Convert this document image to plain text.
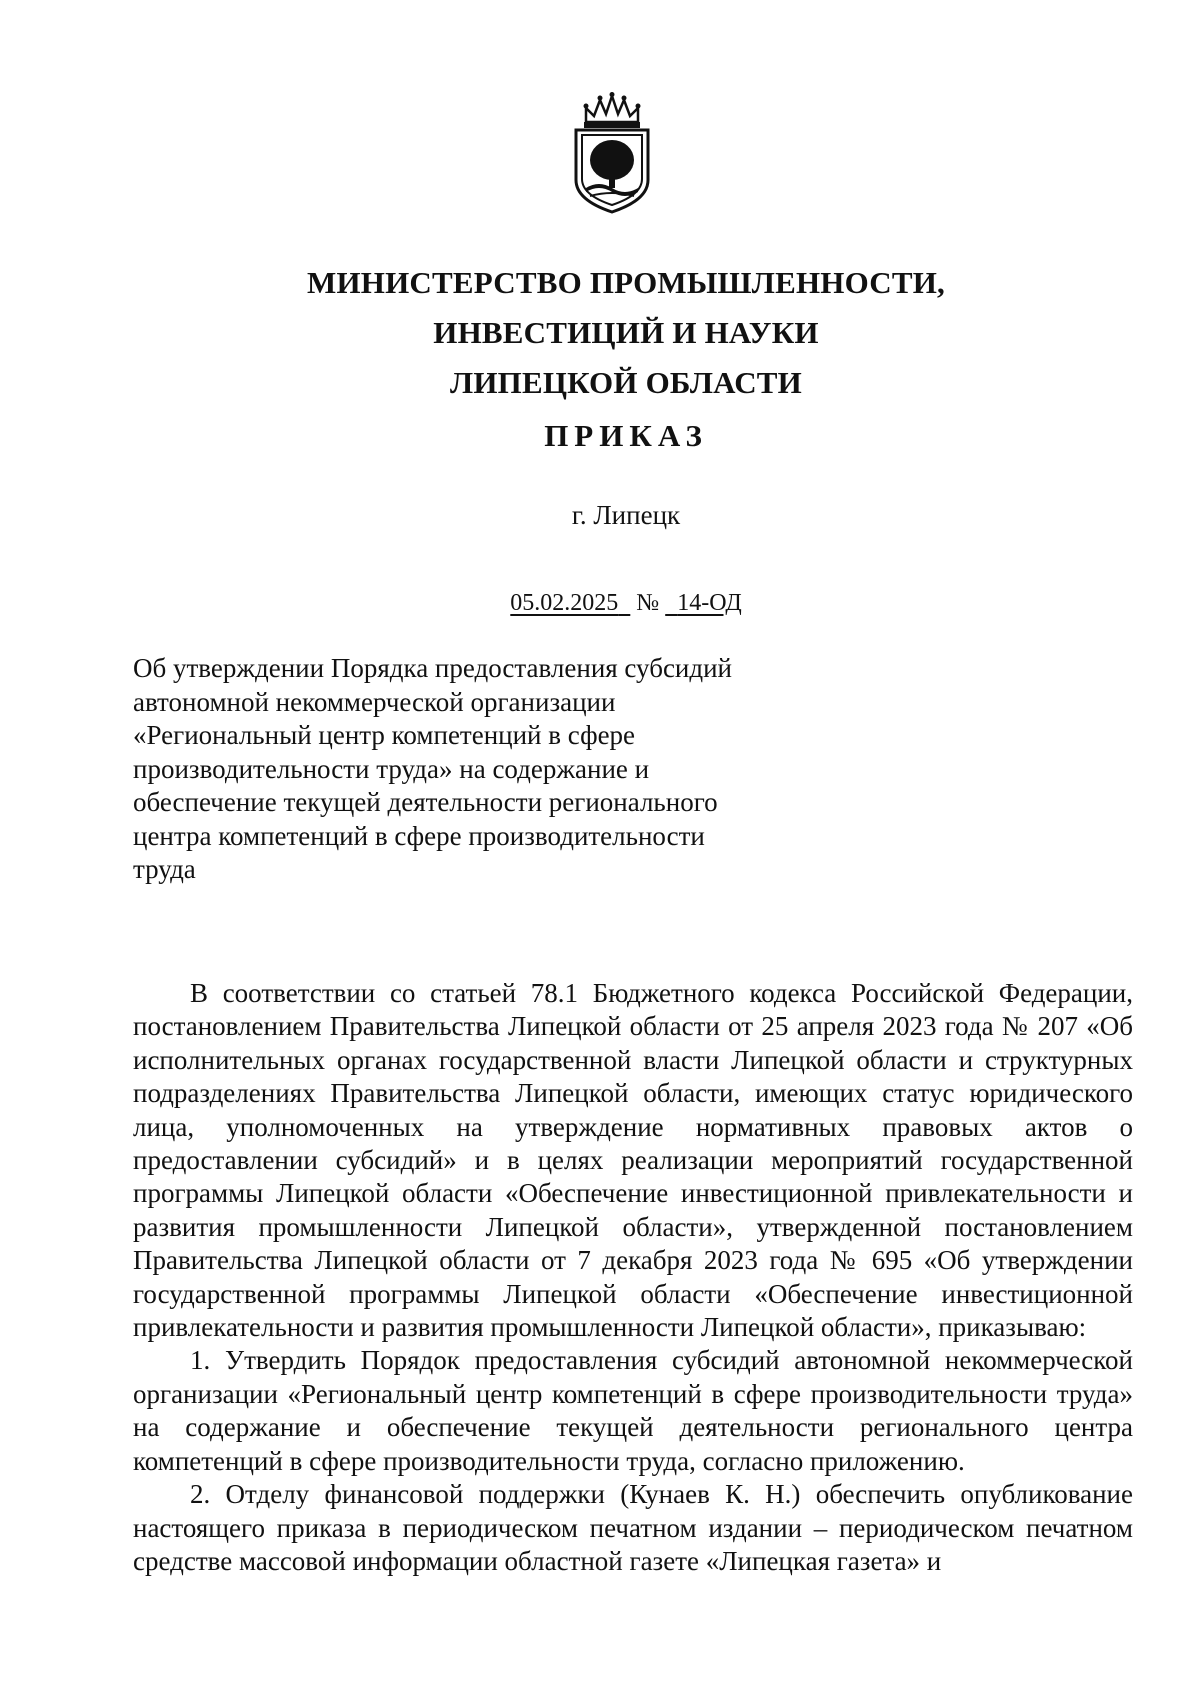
МИНИСТЕРСТВО ПРОМЫШЛЕННОСТИ,
ИНВЕСТИЦИЙ И НАУКИ
ЛИПЕЦКОЙ ОБЛАСТИ
ПРИКАЗ
г. Липецк
05.02.2025 № 14-ОД
Об утверждении Порядка предоставления субсидий
автономной некоммерческой организации
«Региональный центр компетенций в сфере
производительности труда» на содержание и
обеспечение текущей деятельности регионального
центра компетенций в сфере производительности
труда

В соответствии со статьей 78.1 Бюджетного кодекса Российской Федерации, постановлением Правительства Липецкой области от 25 апреля 2023 года № 207 «Об исполнительных органах государственной власти Липецкой области и структурных подразделениях Правительства Липецкой области, имеющих статус юридического лица, уполномоченных на утверждение нормативных правовых актов о предоставлении субсидий» и в целях реализации мероприятий государственной программы Липецкой области «Обеспечение инвестиционной привлекательности и развития промышленности Липецкой области», утвержденной постановлением Правительства Липецкой области от 7 декабря 2023 года № 695 «Об утверждении государственной программы Липецкой области «Обеспечение инвестиционной привлекательности и развития промышленности Липецкой области», приказываю:

1. Утвердить Порядок предоставления субсидий автономной некоммерческой организации «Региональный центр компетенций в сфере производительности труда» на содержание и обеспечение текущей деятельности регионального центра компетенций в сфере производительности труда, согласно приложению.

2. Отделу финансовой поддержки (Кунаев К. Н.) обеспечить опубликование настоящего приказа в периодическом печатном издании – периодическом печатном средстве массовой информации областной газете «Липецкая газета» и
